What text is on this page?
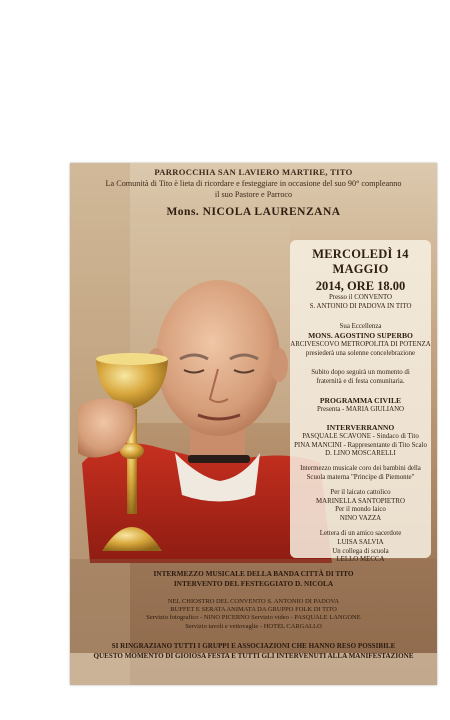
PARROCCHIA SAN LAVIERO MARTIRE, TITO
La Comunità di Tito è lieta di ricordare e festeggiare in occasione del suo 90° compleanno
il suo Pastore e Parroco
Mons. NICOLA LAURENZANA
MERCOLEDÌ 14 MAGGIO
2014, ORE 18.00
Presso il CONVENTO
S. ANTONIO DI PADOVA IN TITO
Sua Eccellenza
MONS. AGOSTINO SUPERBO
ARCIVESCOVO METROPOLITA DI POTENZA
presiederà una solenne concelebrazione
Subito dopo seguirà un momento di
fraternità e di festa comunitaria.
PROGRAMMA CIVILE
Presenta - MARIA GIULIANO
INTERVERRANNO
PASQUALE SCAVONE - Sindaco di Tito
PINA MANCINI - Rappresentante di Tito Scalo
D. LINO MOSCARELLI
Intermezzo musicale coro dei bambini della
Scuola materna "Principe di Piemonte"
Per il laicato cattolico
MARINELLA SANTOPIETRO
Per il mondo laico
NINO VAZZA
Lettera di un amico sacerdote
LUISA SALVIA
Un collega di scuola
LELLO MECCA
INTERMEZZO MUSICALE DELLA BANDA CITTÀ DI TITO
INTERVENTO DEL FESTEGGIATO D. NICOLA
NEL CHIOSTRO DEL CONVENTO S. ANTONIO DI PADOVA
BUFFET E SERATA ANIMATA DA GRUPPO FOLK DI TITO
Servizio fotografico - NINO PICERNO Servizio video - PASQUALE LANGONE
Servizio tavoli e vettovaglie - HOTEL CARGALLO
SI RINGRAZIANO TUTTI I GRUPPI E ASSOCIAZIONI CHE HANNO RESO POSSIBILE
QUESTO MOMENTO DI GIOIOSA FESTA E TUTTI GLI INTERVENUTI ALLA MANIFESTAZIONE
